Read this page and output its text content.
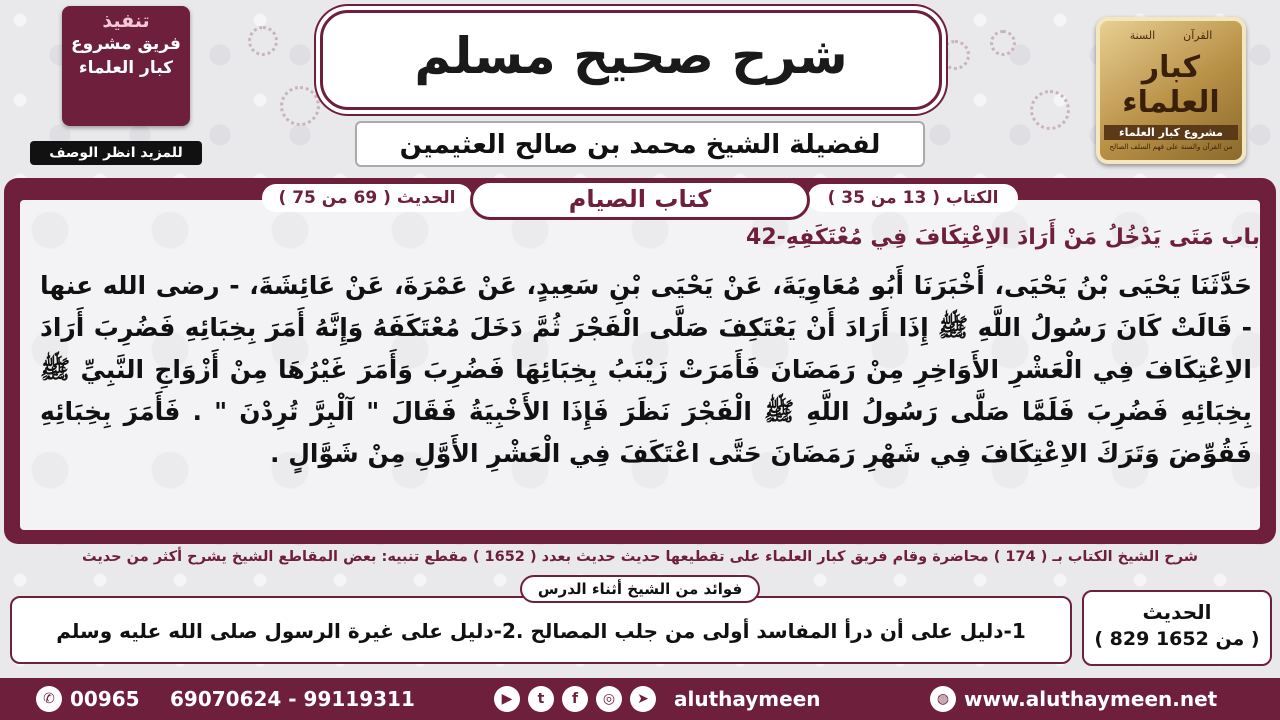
تنفيذ
فريق مشروع
كبار العلماء
للمزيد انظر الوصف
القرآن        السنة
كبار العلماء
مشروع كبار العلماء
من القرآن والسنة على فهم السلف الصالح
شرح صحيح مسلم
لفضيلة الشيخ محمد بن صالح العثيمين
الكتاب ( 13 من 35 )
الحديث ( 69 من 75 )	كتاب الصيام
42-باب مَتَى يَدْخُلُ مَنْ أَرَادَ الاِعْتِكَافَ فِي مُعْتَكَفِهِ
حَدَّثَنَا يَحْيَى بْنُ يَحْيَى، أَخْبَرَنَا أَبُو مُعَاوِيَةَ، عَنْ يَحْيَى بْنِ سَعِيدٍ، عَنْ عَمْرَةَ، عَنْ عَائِشَةَ، - رضى الله عنها - قَالَتْ كَانَ رَسُولُ اللَّهِ ﷺ إِذَا أَرَادَ أَنْ يَعْتَكِفَ صَلَّى الْفَجْرَ ثُمَّ دَخَلَ مُعْتَكَفَهُ وَإِنَّهُ أَمَرَ بِخِبَائِهِ فَضُرِبَ أَرَادَ الاِعْتِكَافَ فِي الْعَشْرِ الأَوَاخِرِ مِنْ رَمَضَانَ فَأَمَرَتْ زَيْنَبُ بِخِبَائِهَا فَضُرِبَ وَأَمَرَ غَيْرُهَا مِنْ أَزْوَاجِ النَّبِيِّ ﷺ بِخِبَائِهِ فَضُرِبَ فَلَمَّا صَلَّى رَسُولُ اللَّهِ ﷺ الْفَجْرَ نَظَرَ فَإِذَا الأَخْبِيَةُ فَقَالَ " آلْبِرَّ تُرِدْنَ " . فَأَمَرَ بِخِبَائِهِ فَقُوِّضَ وَتَرَكَ الاِعْتِكَافَ فِي شَهْرِ رَمَضَانَ حَتَّى اعْتَكَفَ فِي الْعَشْرِ الأَوَّلِ مِنْ شَوَّالٍ .
شرح الشيخ الكتاب بـ ( 174 ) محاضرة وقام فريق كبار العلماء على تقطيعها حديث حديث بعدد ( 1652 ) مقطع تنبيه: بعض المقاطع الشيخ يشرح أكثر من حديث
1-دليل على أن درأ المفاسد أولى من جلب المصالح .2-دليل على غيرة الرسول صلى الله عليه وسلم
فوائد من الشيخ أثناء الدرس
الحديث
( 829 من 1652 )
✆ 00965 69070624 - 99119311	▶	t	f	◎	➤	aluthaymeen	◍ www.aluthaymeen.net
